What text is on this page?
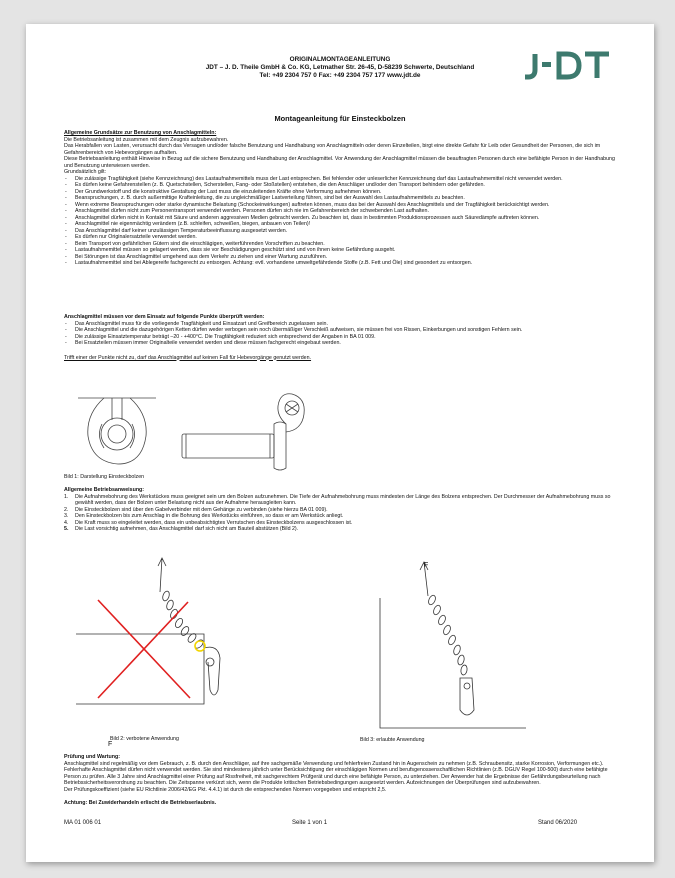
ORIGINALMONTAGEANLEITUNG
JDT – J. D. Theile GmbH & Co. KG, Letmather Str. 26-45, D-58239 Schwerte, Deutschland
Tel: +49 2304 757 0 Fax: +49 2304 757 177 www.jdt.de
Montageanleitung für Einsteckbolzen
Allgemeine Grundsätze zur Benutzung von Anschlagmitteln:
Die Betriebsanleitung ist zusammen mit dem Zeugnis aufzubewahren.
Das Herabfallen von Lasten, verursacht durch das Versagen und/oder falsche Benutzung und Handhabung von Anschlagmitteln oder deren Einzelteilen, birgt eine direkte Gefahr für Leib oder Gesundheit der Personen, die sich im Gefahrenbereich von Hebevorgängen aufhalten.
Diese Betriebsanleitung enthält Hinweise in Bezug auf die sichere Benutzung und Handhabung der Anschlagmittel. Vor Anwendung der Anschlagmittel müssen die beauftragten Personen durch eine befähigte Person in der Handhabung und Benutzung unterwiesen werden.
Grundsätzlich gilt:
- Die zulässige Tragfähigkeit (siehe Kennzeichnung) des Lastaufnahmemittels muss der Last entsprechen. Bei fehlender oder unleserlicher Kennzeichnung darf das Lastaufnahmemittel nicht verwendet werden.
- Es dürfen keine Gefahrenstellen (z. B. Quetschstellen, Scherstellen, Fang- oder Stoßstellen) entstehen, die den Anschläger und/oder den Transport behindern oder gefährden.
- Der Grundwerkstoff und die konstruktive Gestaltung der Last muss die einzuleitenden Kräfte ohne Verformung aufnehmen können.
- Beanspruchungen, z. B. durch außermittige Krafteinleitung, die zu ungleichmäßiger Lastverteilung führen, sind bei der Auswahl des Lastaufnahmemittels zu beachten.
- Wenn extreme Beanspruchungen oder starke dynamische Belastung (Schockeinwirkungen) auftreten können, muss das bei der Auswahl des Anschlagmittels und der Tragfähigkeit berücksichtigt werden.
- Anschlagmittel dürfen nicht zum Personentransport verwendet werden. Personen dürfen sich nie im Gefahrenbereich der schwebenden Last aufhalten.
- Anschlagmittel dürfen nicht in Kontakt mit Säure und anderen aggressiven Medien gebracht werden. Zu beachten ist, dass in bestimmten Produktionsprozessen auch Säuredämpfe auftreten können.
- Anschlagmittel nie eigenmächtig verändern (z.B. schleifen, schweißen, biegen, anbauen von Teilen)!
- Das Anschlagmittel darf keiner unzulässigen Temperaturbeeinflussung ausgesetzt werden.
- Es dürfen nur Originalersatzteile verwendet werden.
- Beim Transport von gefährlichen Gütern sind die einschlägigen, weiterführenden Vorschriften zu beachten.
- Lastaufnahmemittel müssen so gelagert werden, dass sie vor Beschädigungen geschützt sind und von ihnen keine Gefährdung ausgeht.
- Bei Störungen ist das Anschlagmittel umgehend aus dem Verkehr zu ziehen und einer Wartung zuzuführen.
- Lastaufnahmemittel sind bei Ablegereife fachgerecht zu entsorgen. Achtung: evtl. vorhandene umweltgefährdende Stoffe (z.B. Fett und Öle) sind gesondert zu entsorgen.
Anschlagmittel müssen vor dem Einsatz auf folgende Punkte überprüft werden:
- Das Anschlagmittel muss für die vorliegende Tragfähigkeit und Einsatzart und Greifbereich zugelassen sein.
- Die Anschlagmittel und die dazugehörigen Ketten dürfen weder verbogen sein noch übermäßiger Verschleiß aufweisen, sie müssen frei von Rissen, Einkerbungen und sonstigen Fehlern sein.
- Die zulässige Einsatztemperatur beträgt –20 - +400°C. Die Tragfähigkeit reduziert sich entsprechend der Angaben in BA 01 009.
- Bei Ersatzteilen müssen immer Originalteile verwendet werden und diese müssen fachgerecht eingebaut werden.
Trifft einer der Punkte nicht zu, darf das Anschlagmittel auf keinen Fall für Hebevorgänge genutzt werden.
Bild 1: Darstellung Einsteckbolzen
Allgemeine Betriebsanweisung:
1. Die Aufnahmebohrung des Werkstückes muss geeignet sein um den Bolzen aufzunehmen. Die Tiefe der Aufnahmebohrung muss mindesten der Länge des Bolzens entsprechen. Der Durchmesser der Aufnahmebohrung muss so gewählt werden, dass der Bolzen unter Belastung nicht aus der Aufnahme herausgleiten kann.
2. Die Einsteckbolzen sind über den Gabelverbinder mit dem Gehänge zu verbinden (siehe hierzu BA 01 009).
3. Den Einsteckbolzen bis zum Anschlag in die Bohrung des Werkstücks einführen, so dass er am Werkstück anliegt.
4. Die Kraft muss so eingeleitet werden, dass ein unbeabsichtigtes Verrutschen des Einsteckbolzens ausgeschlossen ist.
5. Die Last vorsichtig aufnehmen, das Anschlagmittel darf sich nicht am Bauteil abstützen (Bild 2).
F
Bild 2: verbotene Anwendung
F
Bild 3: erlaubte Anwendung
Prüfung und Wartung:
Anschlagmittel sind regelmäßig vor dem Gebrauch, z. B. durch den Anschläger, auf ihre sachgemäße Verwendung und fehlerfreien Zustand hin in Augenschein zu nehmen (z.B. Schraubensitz, starke Korrosion, Verformungen etc.). Fehlerhafte Anschlagmittel dürfen nicht verwendet werden. Sie sind mindestens jährlich unter Berücksichtigung der einschlägigen Normen und berufsgenossenschaftlichen Richtlinien (z.B. DGUV Regel 100-500) durch eine befähigte Person zu prüfen. Alle 3 Jahre sind Anschlagmittel einer Prüfung auf Rissfreiheit, mit sachgerechtem Prüfgerät und durch eine befähigte Person, zu unterziehen. Der Anwender hat die Ergebnisse der Gefährdungsbeurteilung nach Betriebssicherheitsverordnung zu beachten. Die Zeitspanne verkürzt sich, wenn die Produkte kritischen Betriebsbedingungen ausgesetzt werden. Aufzeichnungen der Überprüfungen sind aufzubewahren.
Der Prüfungskoeffizient (siehe EU Richtlinie 2006/42/EG Pkt. 4.4.1) ist durch die entsprechenden Normen vorgegeben und entspricht 2,5.
Achtung: Bei Zuwiderhandeln erlischt die Betriebserlaubnis.
MA 01 006 01	Seite 1 von 1	Stand 06/2020
